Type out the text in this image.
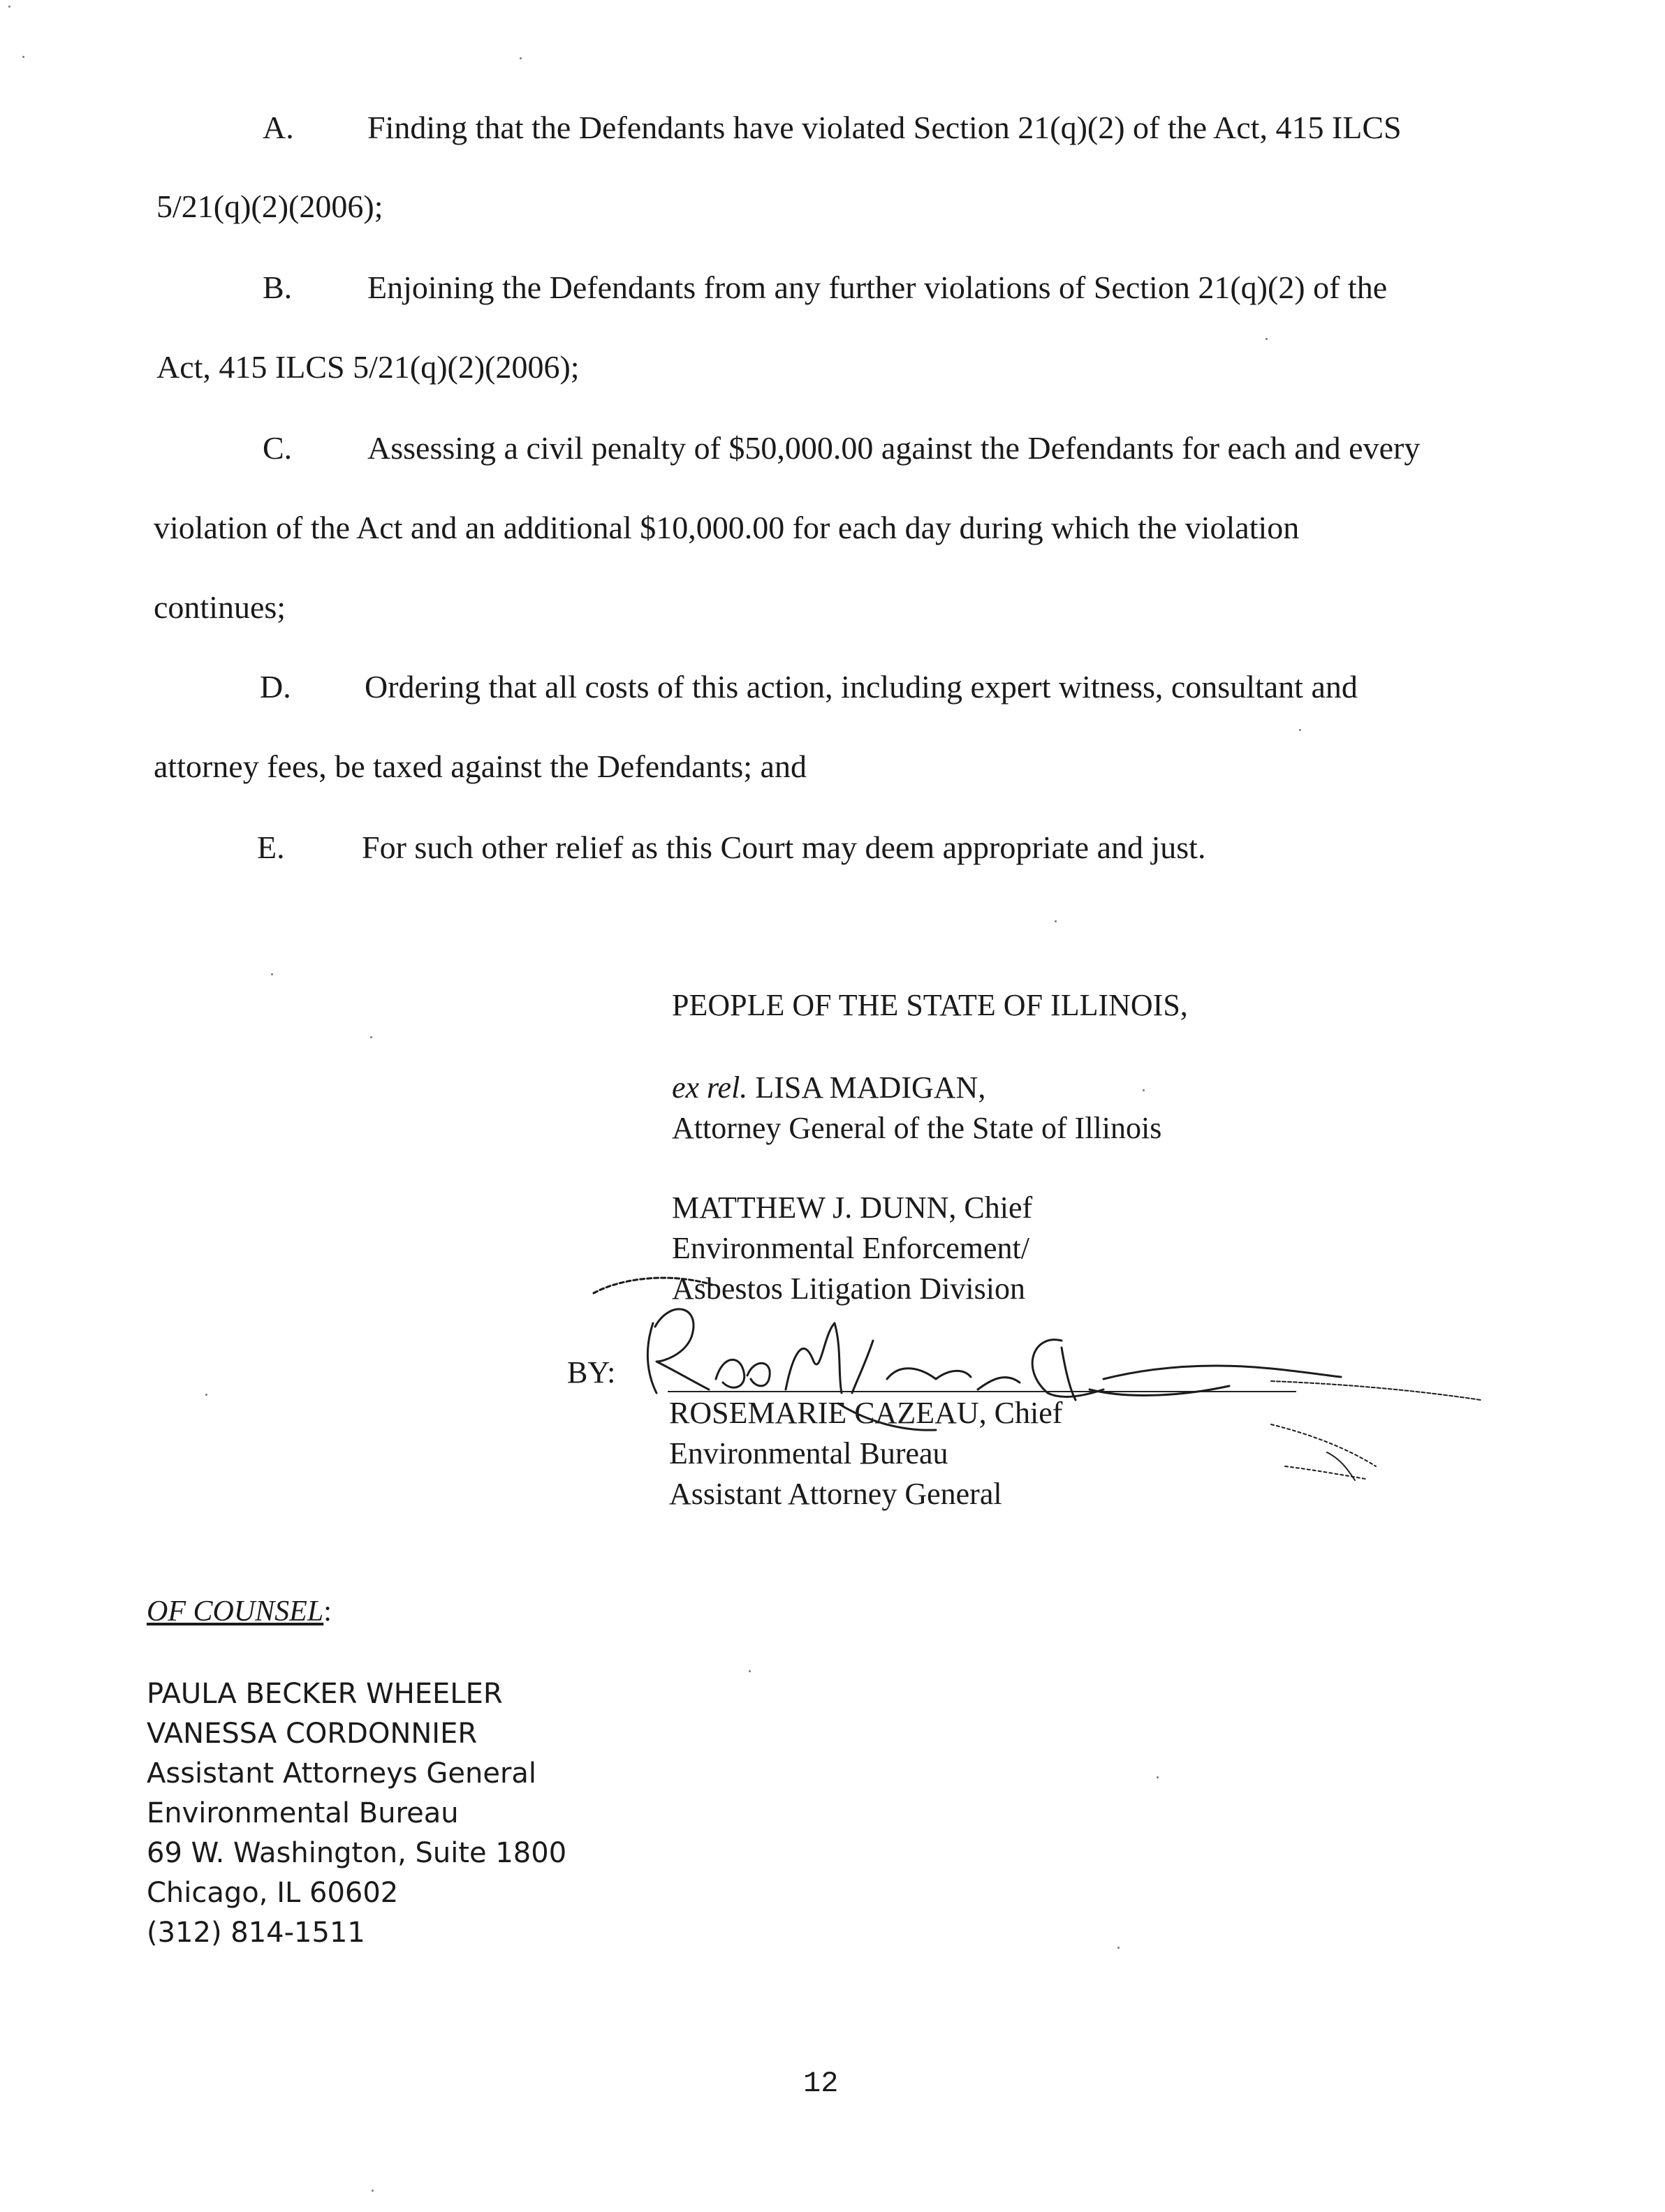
A. Finding that the Defendants have violated Section 21(q)(2) of the Act, 415 ILCS
5/21(q)(2)(2006);
B. Enjoining the Defendants from any further violations of Section 21(q)(2) of the
Act, 415 ILCS 5/21(q)(2)(2006);
C. Assessing a civil penalty of $50,000.00 against the Defendants for each and every
violation of the Act and an additional $10,000.00 for each day during which the violation
continues;
D. Ordering that all costs of this action, including expert witness, consultant and
attorney fees, be taxed against the Defendants; and
E. For such other relief as this Court may deem appropriate and just.
PEOPLE OF THE STATE OF ILLINOIS,
ex rel. LISA MADIGAN,
Attorney General of the State of Illinois
MATTHEW J. DUNN, Chief
Environmental Enforcement/
Asbestos Litigation Division
BY:
ROSEMARIE CAZEAU, Chief
Environmental Bureau
Assistant Attorney General
OF COUNSEL:
PAULA BECKER WHEELER
VANESSA CORDONNIER
Assistant Attorneys General
Environmental Bureau
69 W. Washington, Suite 1800
Chicago, IL 60602
(312) 814-1511
12
